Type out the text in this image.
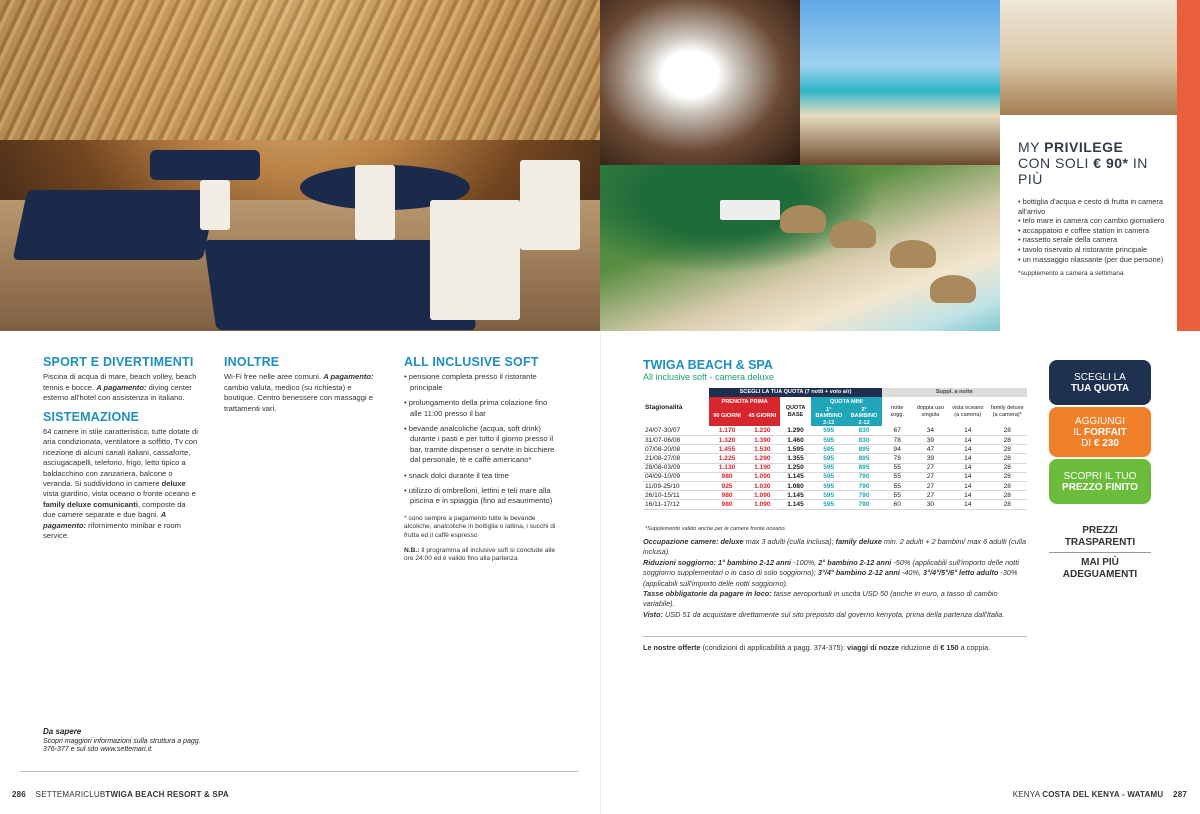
MY PRIVILEGE
CON SOLI € 90* IN PIÙ
• bottiglia d'acqua e cesto di frutta in camera all'arrivo
• telo mare in camera con cambio giornaliero
• accappatoio e coffee station in camera
• riassetto serale della camera
• tavolo riservato al ristorante principale
• un massaggio rilassante (per due persone)
*supplemento a camera a settimana
SPORT E DIVERTIMENTI

Piscina di acqua di mare, beach volley, beach tennis e bocce. A pagamento: diving center esterno all'hotel con assistenza in italiano.

SISTEMAZIONE

64 camere in stile caratteristico, tutte dotate di aria condizionata, ventilatore a soffitto, Tv con ricezione di alcuni canali italiani, cassaforte, asciugacapelli, telefono, frigo, letto tipico a baldacchino con zanzariera, balcone o veranda. Si suddividono in camere deluxe vista giardino, vista oceano o fronte oceano e family deluxe comunicanti, composte da due camere separate e due bagni. A pagamento: rifornimento minibar e room service.

INOLTRE

Wi-Fi free nelle aree comuni. A pagamento: cambio valuta, medico (su richiesta) e boutique. Centro benessere con massaggi e trattamenti vari.

ALL INCLUSIVE SOFT
• pensione completa presso il ristorante principale
• prolungamento della prima colazione fino alle 11:00 presso il bar
• bevande analcoliche (acqua, soft drink) durante i pasti e per tutto il giorno presso il bar, tramite dispenser o servite in bicchiere dal personale, tè e caffè americano*
• snack dolci durante il tea time
• utilizzo di ombrelloni, lettini e teli mare alla piscina e in spiaggia (fino ad esaurimento)

* sono sempre a pagamento tutte le bevande alcoliche, analcoliche in bottiglia o lattina, i succhi di frutta ed il caffè espresso

N.B.: Il programma all inclusive soft si conclude alle ore 24:00 ed è valido fino alla partenza

Da sapere
Scopri maggiori informazioni sulla struttura a pagg. 376-377 e sul sito www.settemari.it.
TWIGA BEACH & SPA
All inclusive soft - camera deluxe
Stagionalità	SCEGLI LA TUA QUOTA (7 notti + volo a/r)					Suppl. a notte			
	PRENOTA PRIMA		QUOTA BASE	QUOTA MINI		notte sogg.	doppia uso singola	vista oceano (a camera)	family deluxe (a camera)*
	90 GIORNI	45 GIORNI		1° BAMBINO 2-12	2° BAMBINO 2-12				
24/07-30/07	1.170	1.230	1.290	595	830	67	34	14	28
31/07-06/08	1.320	1.390	1.460	595	830	78	39	14	28
07/08-20/08	1.455	1.530	1.595	595	895	94	47	14	28
21/08-27/08	1.225	1.290	1.355	595	895	78	39	14	28
28/08-03/09	1.130	1.190	1.250	595	895	55	27	14	28
04/09-10/09	980	1.090	1.145	595	790	55	27	14	28
11/09-25/10	925	1.030	1.080	595	790	55	27	14	28
26/10-15/11	980	1.090	1.145	595	790	55	27	14	28
16/11-17/12	980	1.090	1.145	595	790	60	30	14	28
*Supplemento valido anche per le camere fronte oceano.
Occupazione camere: deluxe max 3 adulti (culla inclusa); family deluxe min. 2 adulti + 2 bambini/ max 6 adulti (culla inclusa).
Riduzioni soggiorno: 1° bambino 2-12 anni -100%, 2° bambino 2-12 anni -50% (applicabili sull'importo delle notti soggiorno supplementari o in caso di solo soggiorno); 3°/4° bambino 2-12 anni -40%, 3°/4°/5°/6° letto adulto -30% (applicabili sull'importo delle notti soggiorno).
Tasse obbligatorie da pagare in loco: tasse aeroportuali in uscita USD 50 (anche in euro, a tasso di cambio variabile).
Visto: USD 51 da acquistare direttamente sul sito preposto dal governo kenyota, prima della partenza dall'Italia.
Le nostre offerte (condizioni di applicabilità a pagg. 374-375): viaggi di nozze riduzione di € 150 a coppia.
SCEGLI LA
TUA QUOTA
AGGIUNGI
IL FORFAIT
DI € 230
SCOPRI IL TUO
PREZZO FINITO
PREZZI
TRASPARENTI
MAI PIÙ
ADEGUAMENTI
286 SETTEMARICLUBTWIGA BEACH RESORT & SPA	KENYA COSTA DEL KENYA - WATAMU 287
